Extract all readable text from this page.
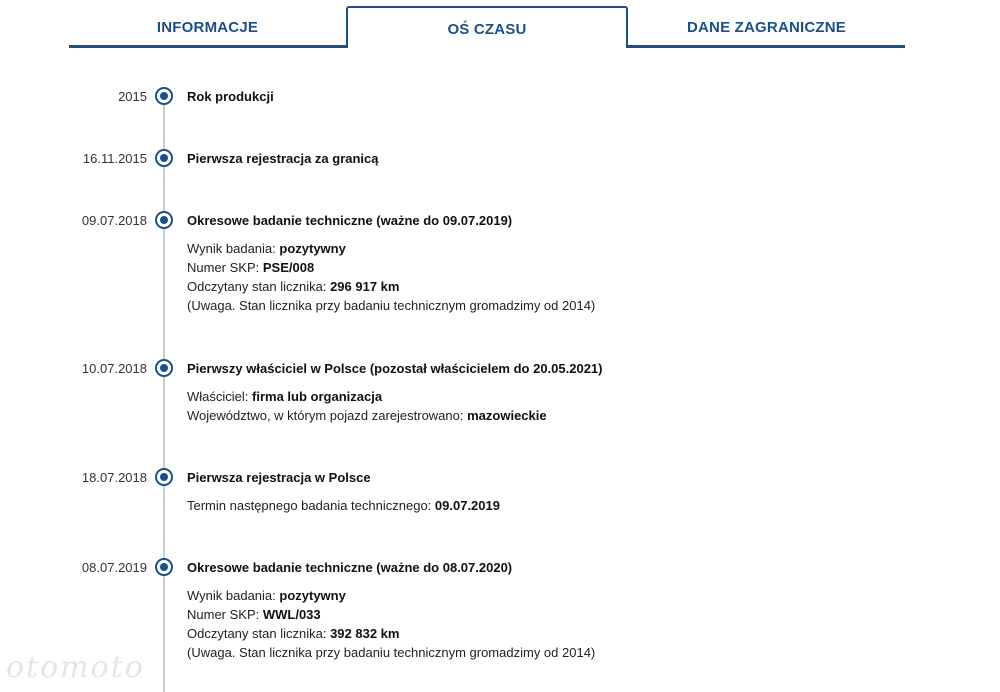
INFORMACJE	OŚ CZASU	DANE ZAGRANICZNE
2015	Rok produkcji
16.11.2015	Pierwsza rejestracja za granicą
09.07.2018	Okresowe badanie techniczne (ważne do 09.07.2019)
Wynik badania: pozytywny
Numer SKP: PSE/008
Odczytany stan licznika: 296 917 km
(Uwaga. Stan licznika przy badaniu technicznym gromadzimy od 2014)
10.07.2018	Pierwszy właściciel w Polsce (pozostał właścicielem do 20.05.2021)
Właściciel: firma lub organizacja
Województwo, w którym pojazd zarejestrowano: mazowieckie
18.07.2018	Pierwsza rejestracja w Polsce
Termin następnego badania technicznego: 09.07.2019
08.07.2019	Okresowe badanie techniczne (ważne do 08.07.2020)
Wynik badania: pozytywny
Numer SKP: WWL/033
Odczytany stan licznika: 392 832 km
(Uwaga. Stan licznika przy badaniu technicznym gromadzimy od 2014)
otomoto
